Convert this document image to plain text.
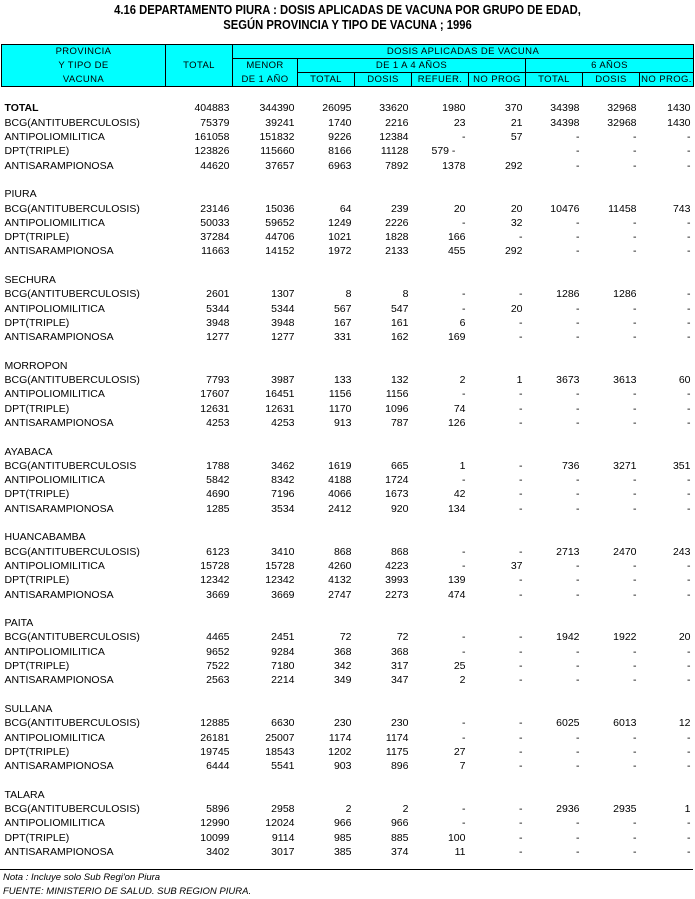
4.16 DEPARTAMENTO PIURA : DOSIS APLICADAS DE VACUNA POR GRUPO DE EDAD,
SEGÚN PROVINCIA Y TIPO DE VACUNA ; 1996
PROVINCIA		DOSIS APLICADAS DE VACUNA							
Y TIPO DE	TOTAL	MENOR	DE 1 A 4 AÑOS				6 AÑOS		
VACUNA		DE 1 AÑO	TOTAL	DOSIS	REFUER.	NO PROG	TOTAL	DOSIS	NO PROG.

TOTAL	404883	344390	26095	33620	1980	370	34398	32968	1430
BCG(ANTITUBERCULOSIS)	75379	39241	1740	2216	23	21	34398	32968	1430
ANTIPOLIOMILITICA	161058	151832	9226	12384	-	57	-	-	-
DPT(TRIPLE)	123826	115660	8166	11128	579 -		-	-	-
ANTISARAMPIONOSA	44620	37657	6963	7892	1378	292	-	-	-

PIURA									
BCG(ANTITUBERCULOSIS)	23146	15036	64	239	20	20	10476	11458	743
ANTIPOLIOMILITICA	50033	59652	1249	2226	-	32	-	-	-
DPT(TRIPLE)	37284	44706	1021	1828	166	-	-	-	-
ANTISARAMPIONOSA	11663	14152	1972	2133	455	292	-	-	-

SECHURA									
BCG(ANTITUBERCULOSIS)	2601	1307	8	8	-	-	1286	1286	-
ANTIPOLIOMILITICA	5344	5344	567	547	-	20	-	-	-
DPT(TRIPLE)	3948	3948	167	161	6	-	-	-	-
ANTISARAMPIONOSA	1277	1277	331	162	169	-	-	-	-

MORROPON									
BCG(ANTITUBERCULOSIS)	7793	3987	133	132	2	1	3673	3613	60
ANTIPOLIOMILITICA	17607	16451	1156	1156	-	-	-	-	-
DPT(TRIPLE)	12631	12631	1170	1096	74	-	-	-	-
ANTISARAMPIONOSA	4253	4253	913	787	126	-	-	-	-

AYABACA									
BCG(ANTITUBERCULOSIS	1788	3462	1619	665	1	-	736	3271	351
ANTIPOLIOMILITICA	5842	8342	4188	1724	-	-	-	-	-
DPT(TRIPLE)	4690	7196	4066	1673	42	-	-	-	-
ANTISARAMPIONOSA	1285	3534	2412	920	134	-	-	-	-

HUANCABAMBA									
BCG(ANTITUBERCULOSIS)	6123	3410	868	868	-	-	2713	2470	243
ANTIPOLIOMILITICA	15728	15728	4260	4223	-	37	-	-	-
DPT(TRIPLE)	12342	12342	4132	3993	139	-	-	-	-
ANTISARAMPIONOSA	3669	3669	2747	2273	474	-	-	-	-

PAITA									
BCG(ANTITUBERCULOSIS)	4465	2451	72	72	-	-	1942	1922	20
ANTIPOLIOMILITICA	9652	9284	368	368	-	-	-	-	-
DPT(TRIPLE)	7522	7180	342	317	25	-	-	-	-
ANTISARAMPIONOSA	2563	2214	349	347	2	-	-	-	-

SULLANA									
BCG(ANTITUBERCULOSIS)	12885	6630	230	230	-	-	6025	6013	12
ANTIPOLIOMILITICA	26181	25007	1174	1174	-	-	-	-	-
DPT(TRIPLE)	19745	18543	1202	1175	27	-	-	-	-
ANTISARAMPIONOSA	6444	5541	903	896	7	-	-	-	-

TALARA									
BCG(ANTITUBERCULOSIS)	5896	2958	2	2	-	-	2936	2935	1
ANTIPOLIOMILITICA	12990	12024	966	966	-	-	-	-	-
DPT(TRIPLE)	10099	9114	985	885	100	-	-	-	-
ANTISARAMPIONOSA	3402	3017	385	374	11	-	-	-	-
Nota : Incluye solo Sub Regi'on Piura
FUENTE: MINISTERIO DE SALUD. SUB REGION PIURA.
